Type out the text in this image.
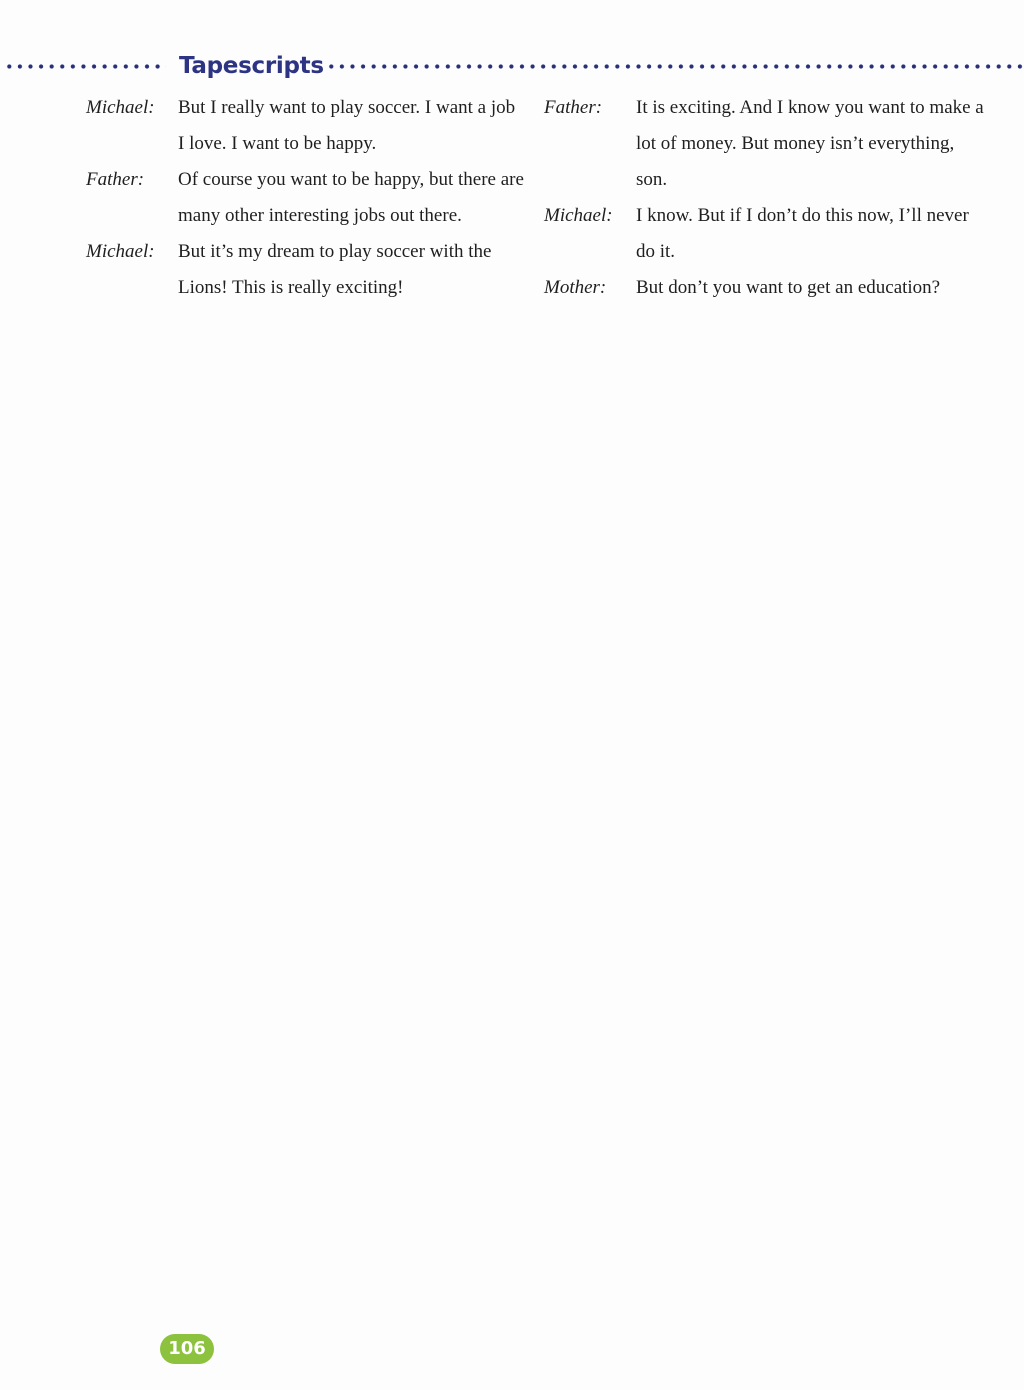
Tapescripts
Michael:	But I really want to play soccer. I want a job I love. I want to be happy.
Father:	Of course you want to be happy, but there are many other interesting jobs out there.
Michael:	But it’s my dream to play soccer with the Lions! This is really exciting!
Father:	It is exciting. And I know you want to make a lot of money. But money isn’t everything, son.
Michael:	I know. But if I don’t do this now, I’ll never do it.
Mother:	But don’t you want to get an education?
106
